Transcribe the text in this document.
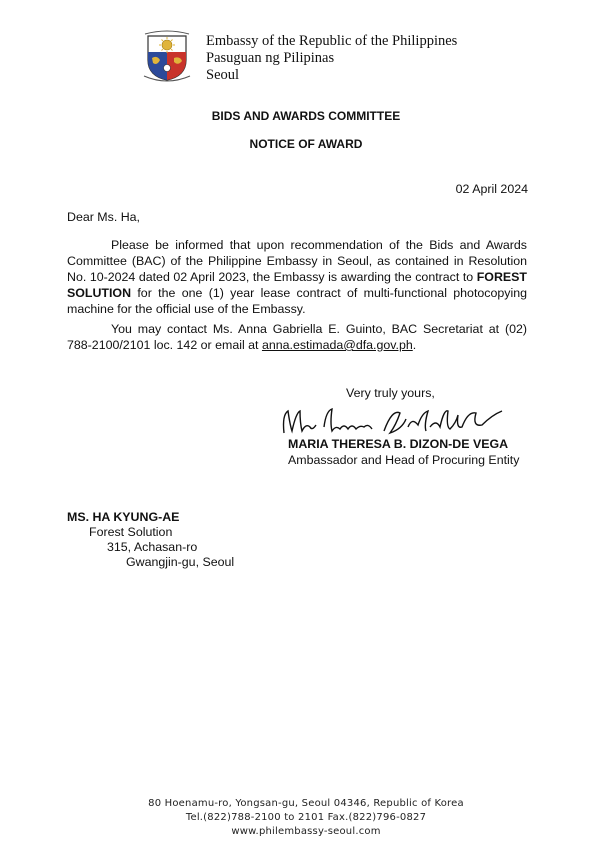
Embassy of the Republic of the Philippines
Pasuguan ng Pilipinas
Seoul
BIDS AND AWARDS COMMITTEE
NOTICE OF AWARD
02 April 2024
Dear Ms. Ha,
Please be informed that upon recommendation of the Bids and Awards Committee (BAC) of the Philippine Embassy in Seoul, as contained in Resolution No. 10-2024 dated 02 April 2023, the Embassy is awarding the contract to FOREST SOLUTION for the one (1) year lease contract of multi-functional photocopying machine for the official use of the Embassy.
You may contact Ms. Anna Gabriella E. Guinto, BAC Secretariat at (02) 788-2100/2101 loc. 142 or email at anna.estimada@dfa.gov.ph.
Very truly yours,
MARIA THERESA B. DIZON-DE VEGA
Ambassador and Head of Procuring Entity
MS. HA KYUNG-AE
Forest Solution
315, Achasan-ro
Gwangjin-gu, Seoul
80 Hoenamu-ro, Yongsan-gu, Seoul 04346, Republic of Korea
Tel.(822)788-2100 to 2101 Fax.(822)796-0827
www.philembassy-seoul.com
